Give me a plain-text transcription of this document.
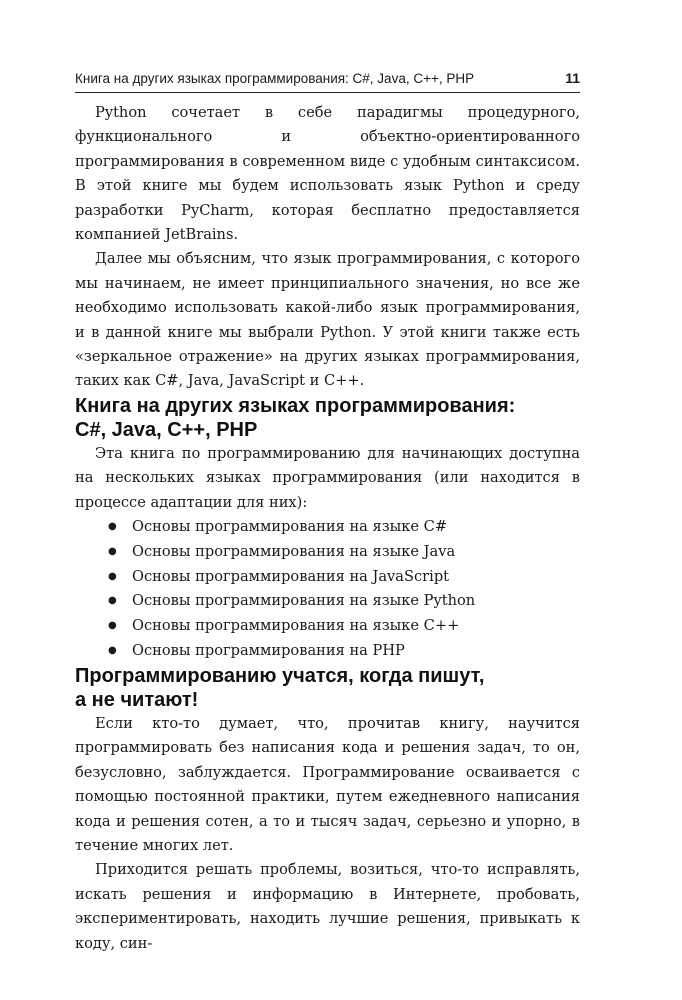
Книга на других языках программирования: C#, Java, C++, PHP	11

Python сочетает в себе парадигмы процедурного, функционального и объектно-ориентированного программирования в современном виде с удобным синтаксисом. В этой книге мы будем использовать язык Python и среду разработки PyCharm, которая бесплатно предоставляется компанией JetBrains.

Далее мы объясним, что язык программирования, с которого мы начинаем, не имеет принципиального значения, но все же необходимо использовать какой-либо язык программирования, и в данной книге мы выбрали Python. У этой книги также есть «зеркальное отражение» на других языках программирования, таких как C#, Java, JavaScript и C++.

Книга на других языках программирования:
C#, Java, C++, PHP

Эта книга по программированию для начинающих доступна на нескольких языках программирования (или находится в процессе адаптации для них):

● Основы программирования на языке C#
● Основы программирования на языке Java
● Основы программирования на JavaScript
● Основы программирования на языке Python
● Основы программирования на языке C++
● Основы программирования на PHP
Программированию учатся, когда пишут,
а не читают!

Если кто-то думает, что, прочитав книгу, научится программировать без написания кода и решения задач, то он, безусловно, заблуждается. Программирование осваивается с помощью постоянной практики, путем ежедневного написания кода и решения сотен, а то и тысяч задач, серьезно и упорно, в течение многих лет.

Приходится решать проблемы, возиться, что-то исправлять, искать решения и информацию в Интернете, пробовать, экспериментировать, находить лучшие решения, привыкать к коду, син-
